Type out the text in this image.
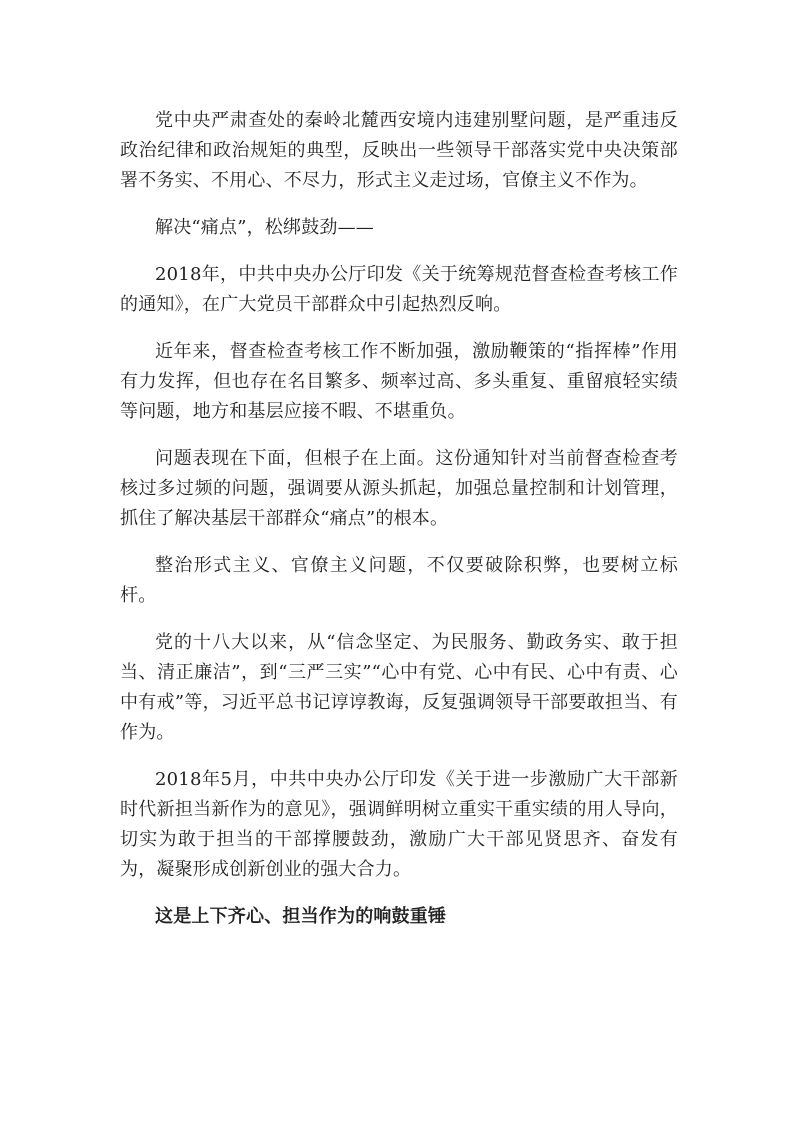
党中央严肃查处的秦岭北麓西安境内违建别墅问题，是严重违反政治纪律和政治规矩的典型，反映出一些领导干部落实党中央决策部署不务实、不用心、不尽力，形式主义走过场，官僚主义不作为。

解决“痛点”，松绑鼓劲——

2018年，中共中央办公厅印发《关于统筹规范督查检查考核工作的通知》，在广大党员干部群众中引起热烈反响。

近年来，督查检查考核工作不断加强，激励鞭策的“指挥棒”作用有力发挥，但也存在名目繁多、频率过高、多头重复、重留痕轻实绩等问题，地方和基层应接不暇、不堪重负。

问题表现在下面，但根子在上面。这份通知针对当前督查检查考核过多过频的问题，强调要从源头抓起，加强总量控制和计划管理，抓住了解决基层干部群众“痛点”的根本。

整治形式主义、官僚主义问题，不仅要破除积弊，也要树立标杆。

党的十八大以来，从“信念坚定、为民服务、勤政务实、敢于担当、清正廉洁”，到“三严三实”“心中有党、心中有民、心中有责、心中有戒”等，习近平总书记谆谆教诲，反复强调领导干部要敢担当、有作为。

2018年5月，中共中央办公厅印发《关于进一步激励广大干部新时代新担当新作为的意见》，强调鲜明树立重实干重实绩的用人导向，切实为敢于担当的干部撑腰鼓劲，激励广大干部见贤思齐、奋发有为，凝聚形成创新创业的强大合力。

这是上下齐心、担当作为的响鼓重锤
